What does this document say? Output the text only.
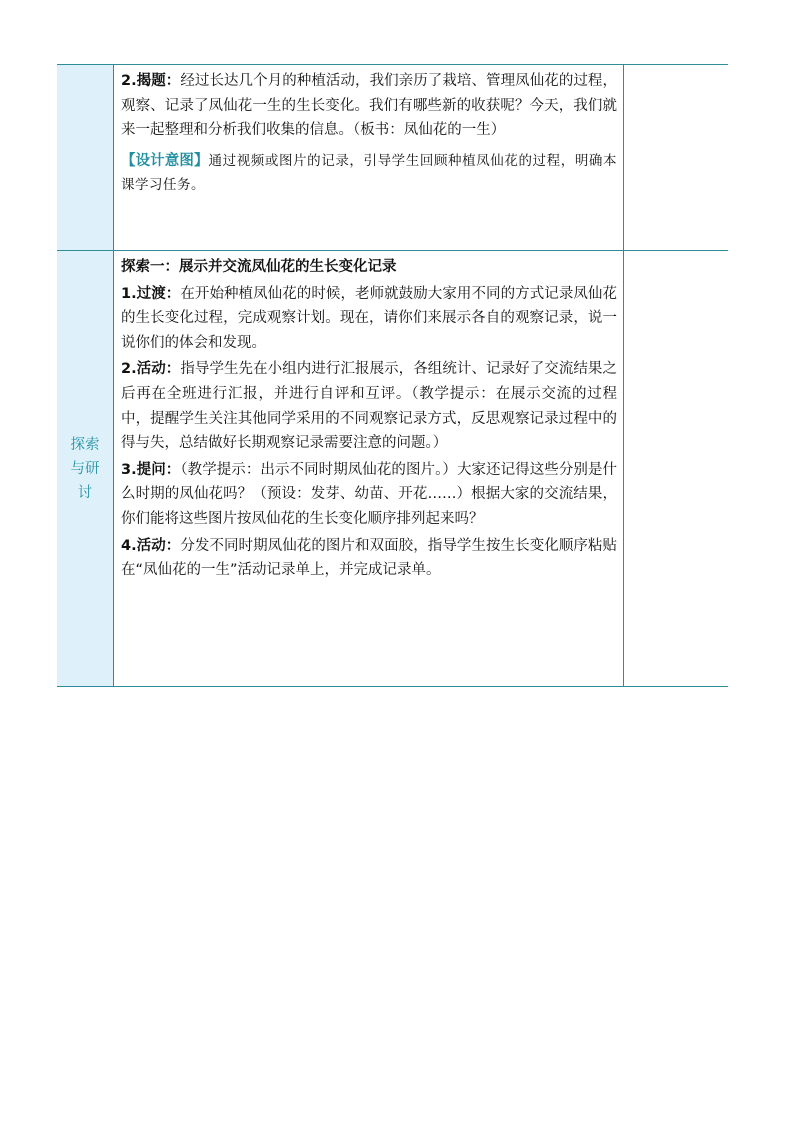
	2.揭题：经过长达几个月的种植活动，我们亲历了栽培、管理凤仙花的过程，观察、记录了凤仙花一生的生长变化。我们有哪些新的收获呢？今天，我们就来一起整理和分析我们收集的信息。（板书：凤仙花的一生）

【设计意图】通过视频或图片的记录，引导学生回顾种植凤仙花的过程，明确本课学习任务。	

探索与研讨	探索一：展示并交流凤仙花的生长变化记录

1.过渡：在开始种植凤仙花的时候，老师就鼓励大家用不同的方式记录凤仙花的生长变化过程，完成观察计划。现在，请你们来展示各自的观察记录，说一说你们的体会和发现。

2.活动：指导学生先在小组内进行汇报展示，各组统计、记录好了交流结果之后再在全班进行汇报，并进行自评和互评。（教学提示：在展示交流的过程中，提醒学生关注其他同学采用的不同观察记录方式，反思观察记录过程中的得与失，总结做好长期观察记录需要注意的问题。）

3.提问：（教学提示：出示不同时期凤仙花的图片。）大家还记得这些分别是什么时期的凤仙花吗？（预设：发芽、幼苗、开花……）根据大家的交流结果，你们能将这些图片按凤仙花的生长变化顺序排列起来吗？

4.活动：分发不同时期凤仙花的图片和双面胶，指导学生按生长变化顺序粘贴在“凤仙花的一生”活动记录单上，并完成记录单。	
